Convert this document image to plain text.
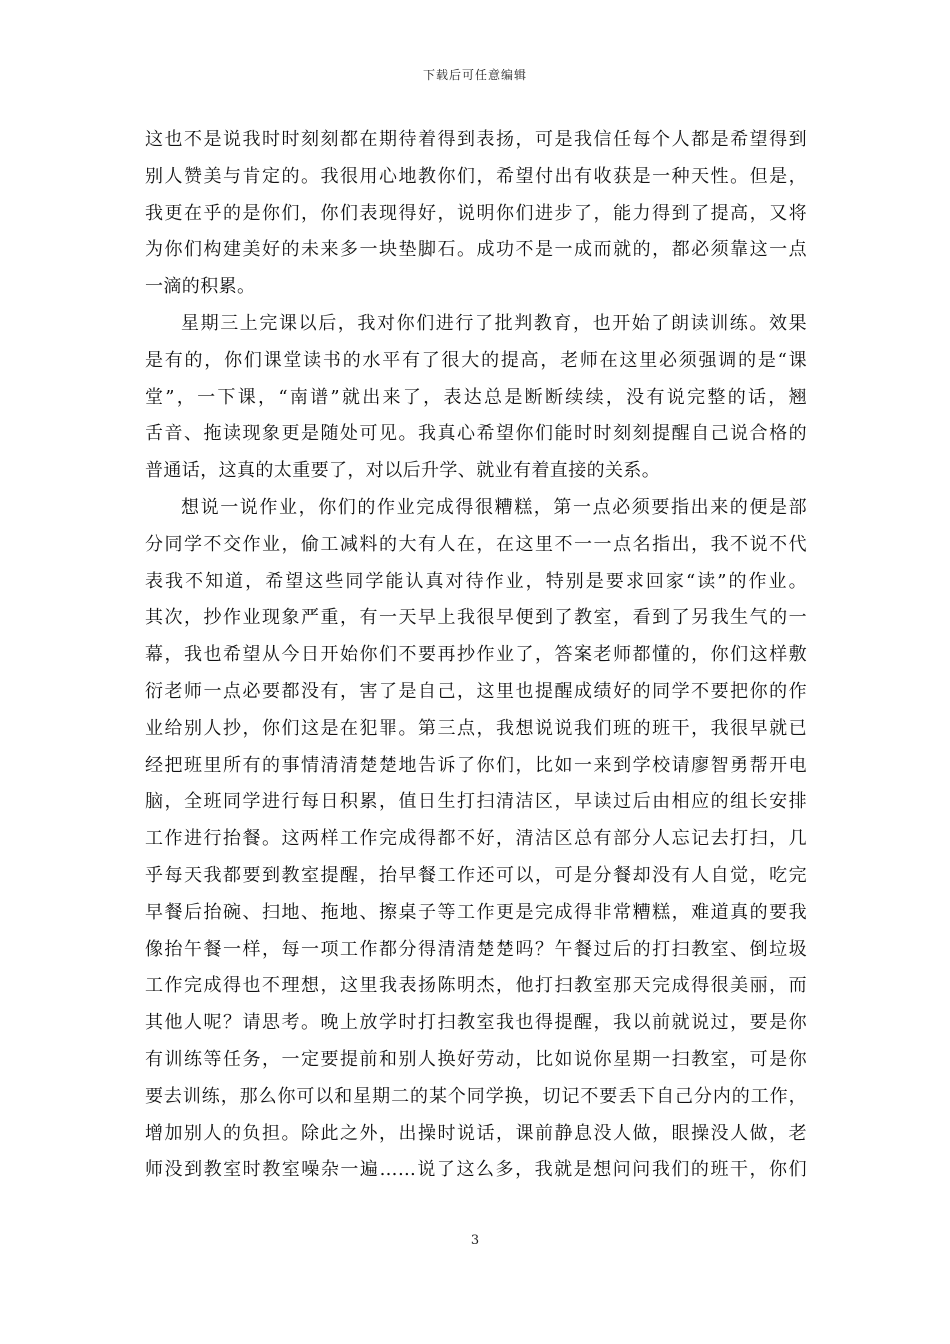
下载后可任意编辑
这也不是说我时时刻刻都在期待着得到表扬，可是我信任每个人都是希望得到
别人赞美与肯定的。我很用心地教你们，希望付出有收获是一种天性。但是，
我更在乎的是你们，你们表现得好，说明你们进步了，能力得到了提高，又将
为你们构建美好的未来多一块垫脚石。成功不是一成而就的，都必须靠这一点
一滴的积累。
星期三上完课以后，我对你们进行了批判教育，也开始了朗读训练。效果
是有的，你们课堂读书的水平有了很大的提高，老师在这里必须强调的是“课
堂”，一下课，“南谱”就出来了，表达总是断断续续，没有说完整的话，翘
舌音、拖读现象更是随处可见。我真心希望你们能时时刻刻提醒自己说合格的
普通话，这真的太重要了，对以后升学、就业有着直接的关系。
想说一说作业，你们的作业完成得很糟糕，第一点必须要指出来的便是部
分同学不交作业，偷工减料的大有人在，在这里不一一点名指出，我不说不代
表我不知道，希望这些同学能认真对待作业，特别是要求回家“读”的作业。
其次，抄作业现象严重，有一天早上我很早便到了教室，看到了另我生气的一
幕，我也希望从今日开始你们不要再抄作业了，答案老师都懂的，你们这样敷
衍老师一点必要都没有，害了是自己，这里也提醒成绩好的同学不要把你的作
业给别人抄，你们这是在犯罪。第三点，我想说说我们班的班干，我很早就已
经把班里所有的事情清清楚楚地告诉了你们，比如一来到学校请廖智勇帮开电
脑，全班同学进行每日积累，值日生打扫清洁区，早读过后由相应的组长安排
工作进行抬餐。这两样工作完成得都不好，清洁区总有部分人忘记去打扫，几
乎每天我都要到教室提醒，抬早餐工作还可以，可是分餐却没有人自觉，吃完
早餐后抬碗、扫地、拖地、擦桌子等工作更是完成得非常糟糕，难道真的要我
像抬午餐一样，每一项工作都分得清清楚楚吗？午餐过后的打扫教室、倒垃圾
工作完成得也不理想，这里我表扬陈明杰，他打扫教室那天完成得很美丽，而
其他人呢？请思考。晚上放学时打扫教室我也得提醒，我以前就说过，要是你
有训练等任务，一定要提前和别人换好劳动，比如说你星期一扫教室，可是你
要去训练，那么你可以和星期二的某个同学换，切记不要丢下自己分内的工作，
增加别人的负担。除此之外，出操时说话，课前静息没人做，眼操没人做，老
师没到教室时教室噪杂一遍……说了这么多，我就是想问问我们的班干，你们
3
